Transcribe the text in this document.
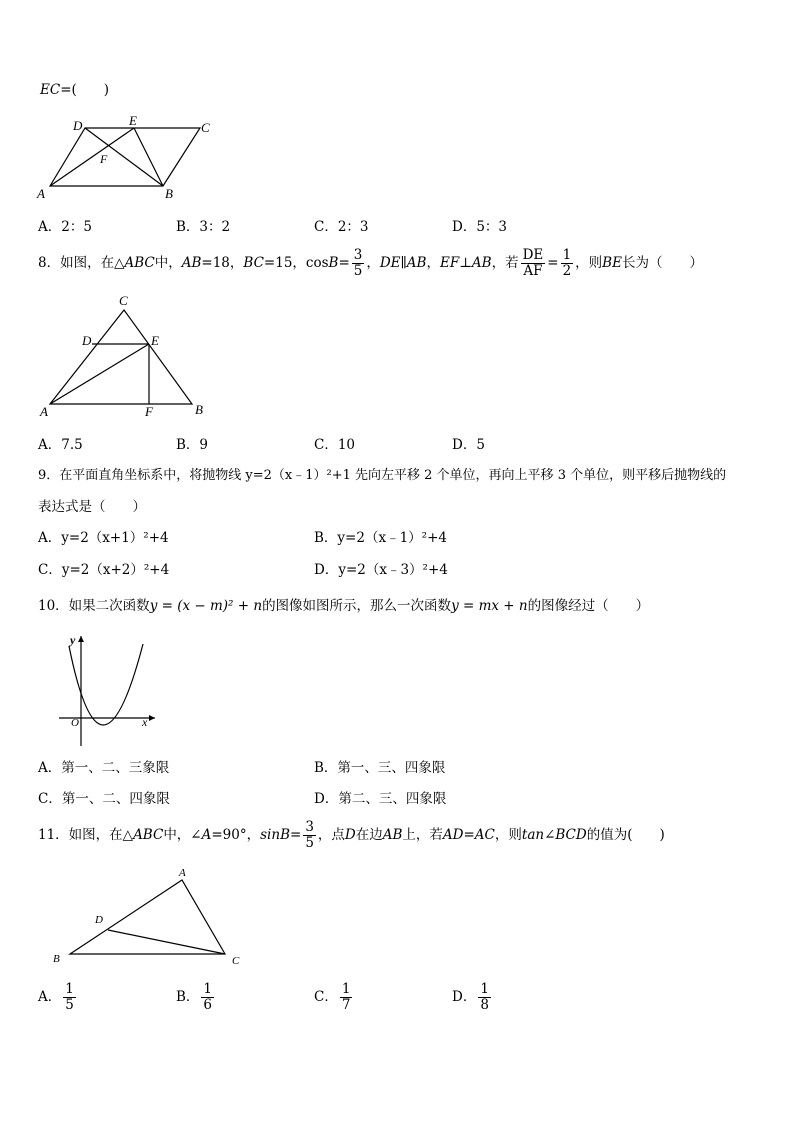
EC=(　　)
D	E	C
F
A	B
A．2：5	B．3：2	C．2：3	D．5：3
8．如图，在△ABC中，AB=18，BC=15，$\cos B= \frac{3}{5}$ ，DE∥AB，EF⊥AB，若 $\frac{DE}{AF} = \frac{1}{2}$ ，则BE长为（　　）
C
D	E
A	F	B
A．7.5	B．9	C．10	D．5
9．在平面直角坐标系中，将抛物线 y=2（x﹣1）²+1 先向左平移 2 个单位，再向上平移 3 个单位，则平移后抛物线的
表达式是（　　）
A．y=2（x+1）²+4	B．y=2（x﹣1）²+4
C．y=2（x+2）²+4	D．y=2（x﹣3）²+4
10．如果二次函数y = (x − m)² + n的图像如图所示，那么一次函数y = mx + n的图像经过（　　）
y
x
O
A．第一、二、三象限	B．第一、三、四象限
C．第一、二、四象限	D．第二、三、四象限
11．如图，在△ABC中，∠A=90°，$\sin B= \frac{3}{5}$ ，点D在边AB上，若AD=AC，则tan∠BCD的值为(　　)
A
D
B	C
A． $\frac{1}{5}$	B． $\frac{1}{6}$	C． $\frac{1}{7}$	D． $\frac{1}{8}$
